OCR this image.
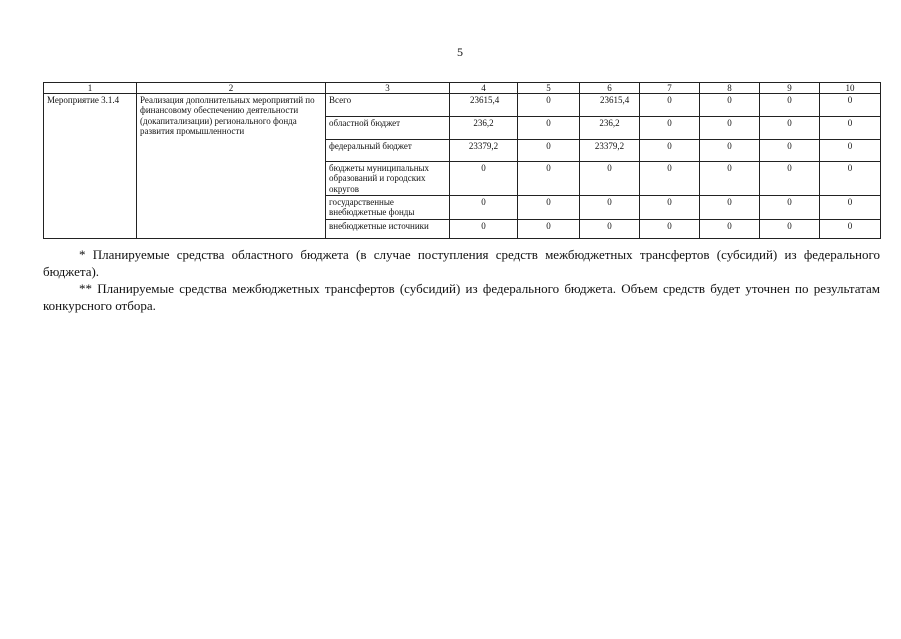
5
1	2	3	4	5	6	7	8	9	10
Мероприятие 3.1.4	Реализация дополнительных мероприятий по финансовому обеспечению деятельности (докапитализации) регионального фонда развития промышленности	Всего	23615,4	0	23615,4	0	0	0	0
		областной бюджет	236,2	0	236,2	0	0	0	0
		федеральный бюджет	23379,2	0	23379,2	0	0	0	0
		бюджеты муниципальных образований и городских округов	0	0	0	0	0	0	0
		государственные внебюджетные фонды	0	0	0	0	0	0	0
		внебюджетные источники	0	0	0	0	0	0	0

* Планируемые средства областного бюджета (в случае поступления средств межбюджетных трансфертов (субсидий) из федерального бюджета).

** Планируемые средства межбюджетных трансфертов (субсидий) из федерального бюджета. Объем средств будет уточнен по результатам конкурсного отбора.
